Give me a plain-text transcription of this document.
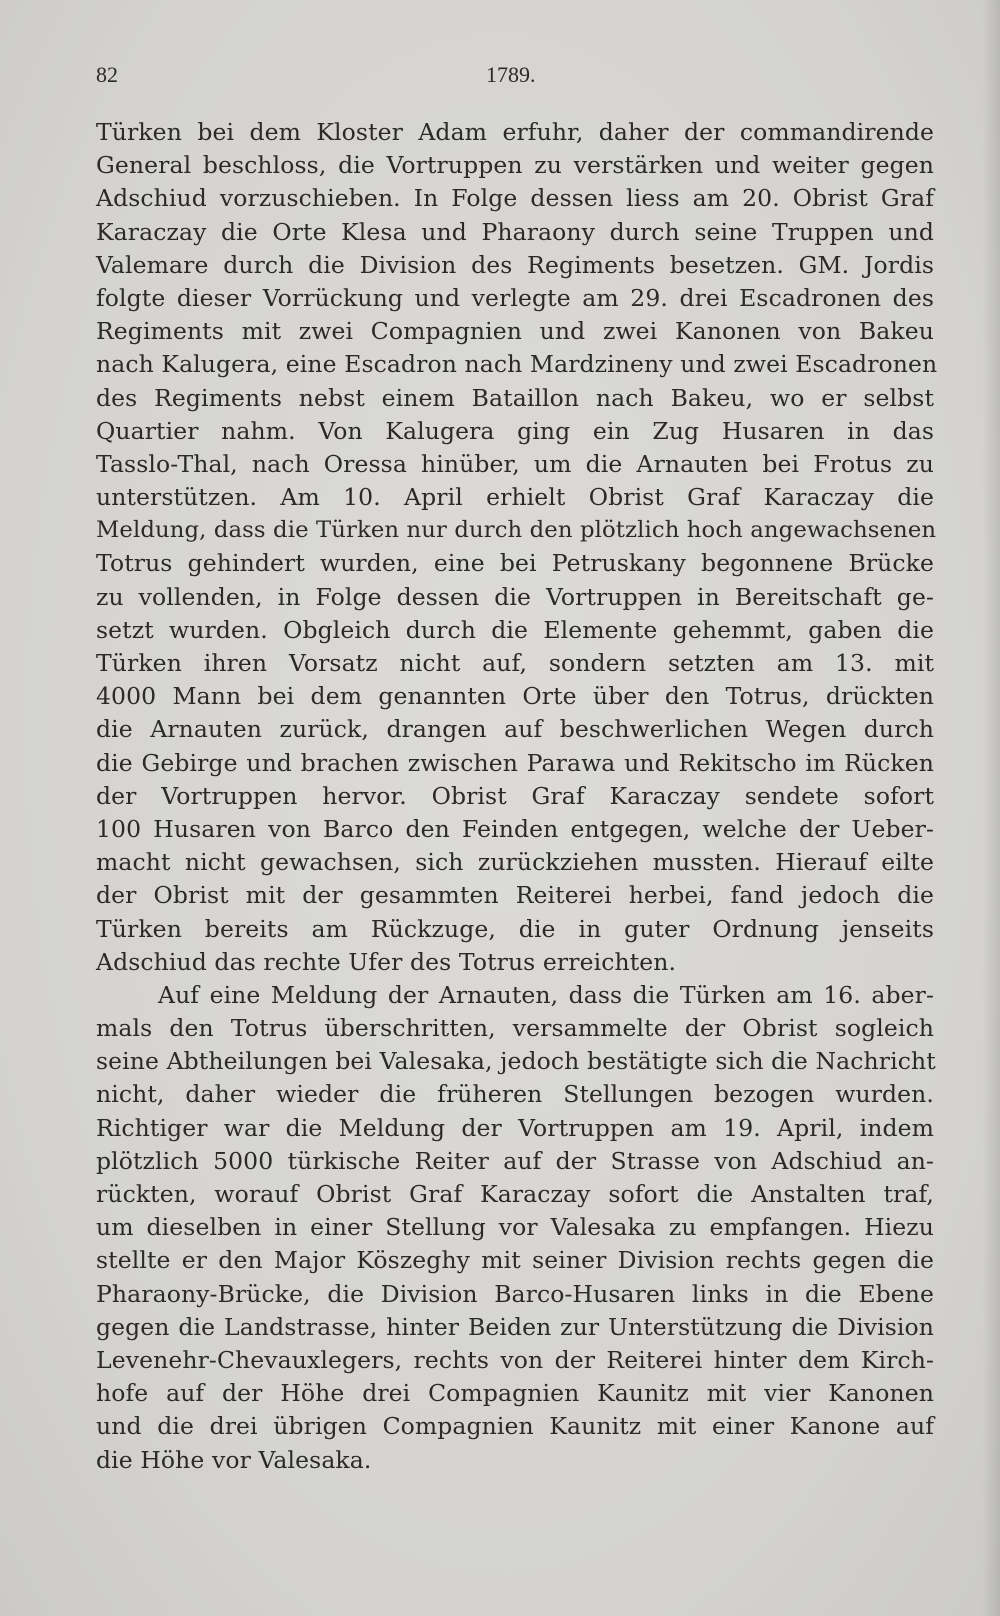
82	1789.
Türken bei dem Kloster Adam erfuhr, daher der commandirende
General beschloss, die Vortruppen zu verstärken und weiter gegen
Adschiud vorzuschieben. In Folge dessen liess am 20. Obrist Graf
Karaczay die Orte Klesa und Pharaony durch seine Truppen und
Valemare durch die Division des Regiments besetzen. GM. Jordis
folgte dieser Vorrückung und verlegte am 29. drei Escadronen des
Regiments mit zwei Compagnien und zwei Kanonen von Bakeu
nach Kalugera, eine Escadron nach Mardzineny und zwei Escadronen
des Regiments nebst einem Bataillon nach Bakeu, wo er selbst
Quartier nahm. Von Kalugera ging ein Zug Husaren in das
Tasslo-Thal, nach Oressa hinüber, um die Arnauten bei Frotus zu
unterstützen. Am 10. April erhielt Obrist Graf Karaczay die
Meldung, dass die Türken nur durch den plötzlich hoch angewachsenen
Totrus gehindert wurden, eine bei Petruskany begonnene Brücke
zu vollenden, in Folge dessen die Vortruppen in Bereitschaft ge-
setzt wurden. Obgleich durch die Elemente gehemmt, gaben die
Türken ihren Vorsatz nicht auf, sondern setzten am 13. mit
4000 Mann bei dem genannten Orte über den Totrus, drückten
die Arnauten zurück, drangen auf beschwerlichen Wegen durch
die Gebirge und brachen zwischen Parawa und Rekitscho im Rücken
der Vortruppen hervor. Obrist Graf Karaczay sendete sofort
100 Husaren von Barco den Feinden entgegen, welche der Ueber-
macht nicht gewachsen, sich zurückziehen mussten. Hierauf eilte
der Obrist mit der gesammten Reiterei herbei, fand jedoch die
Türken bereits am Rückzuge, die in guter Ordnung jenseits
Adschiud das rechte Ufer des Totrus erreichten.
Auf eine Meldung der Arnauten, dass die Türken am 16. aber-
mals den Totrus überschritten, versammelte der Obrist sogleich
seine Abtheilungen bei Valesaka, jedoch bestätigte sich die Nachricht
nicht, daher wieder die früheren Stellungen bezogen wurden.
Richtiger war die Meldung der Vortruppen am 19. April, indem
plötzlich 5000 türkische Reiter auf der Strasse von Adschiud an-
rückten, worauf Obrist Graf Karaczay sofort die Anstalten traf,
um dieselben in einer Stellung vor Valesaka zu empfangen. Hiezu
stellte er den Major Köszeghy mit seiner Division rechts gegen die
Pharaony-Brücke, die Division Barco-Husaren links in die Ebene
gegen die Landstrasse, hinter Beiden zur Unterstützung die Division
Levenehr-Chevauxlegers, rechts von der Reiterei hinter dem Kirch-
hofe auf der Höhe drei Compagnien Kaunitz mit vier Kanonen
und die drei übrigen Compagnien Kaunitz mit einer Kanone auf
die Höhe vor Valesaka.
